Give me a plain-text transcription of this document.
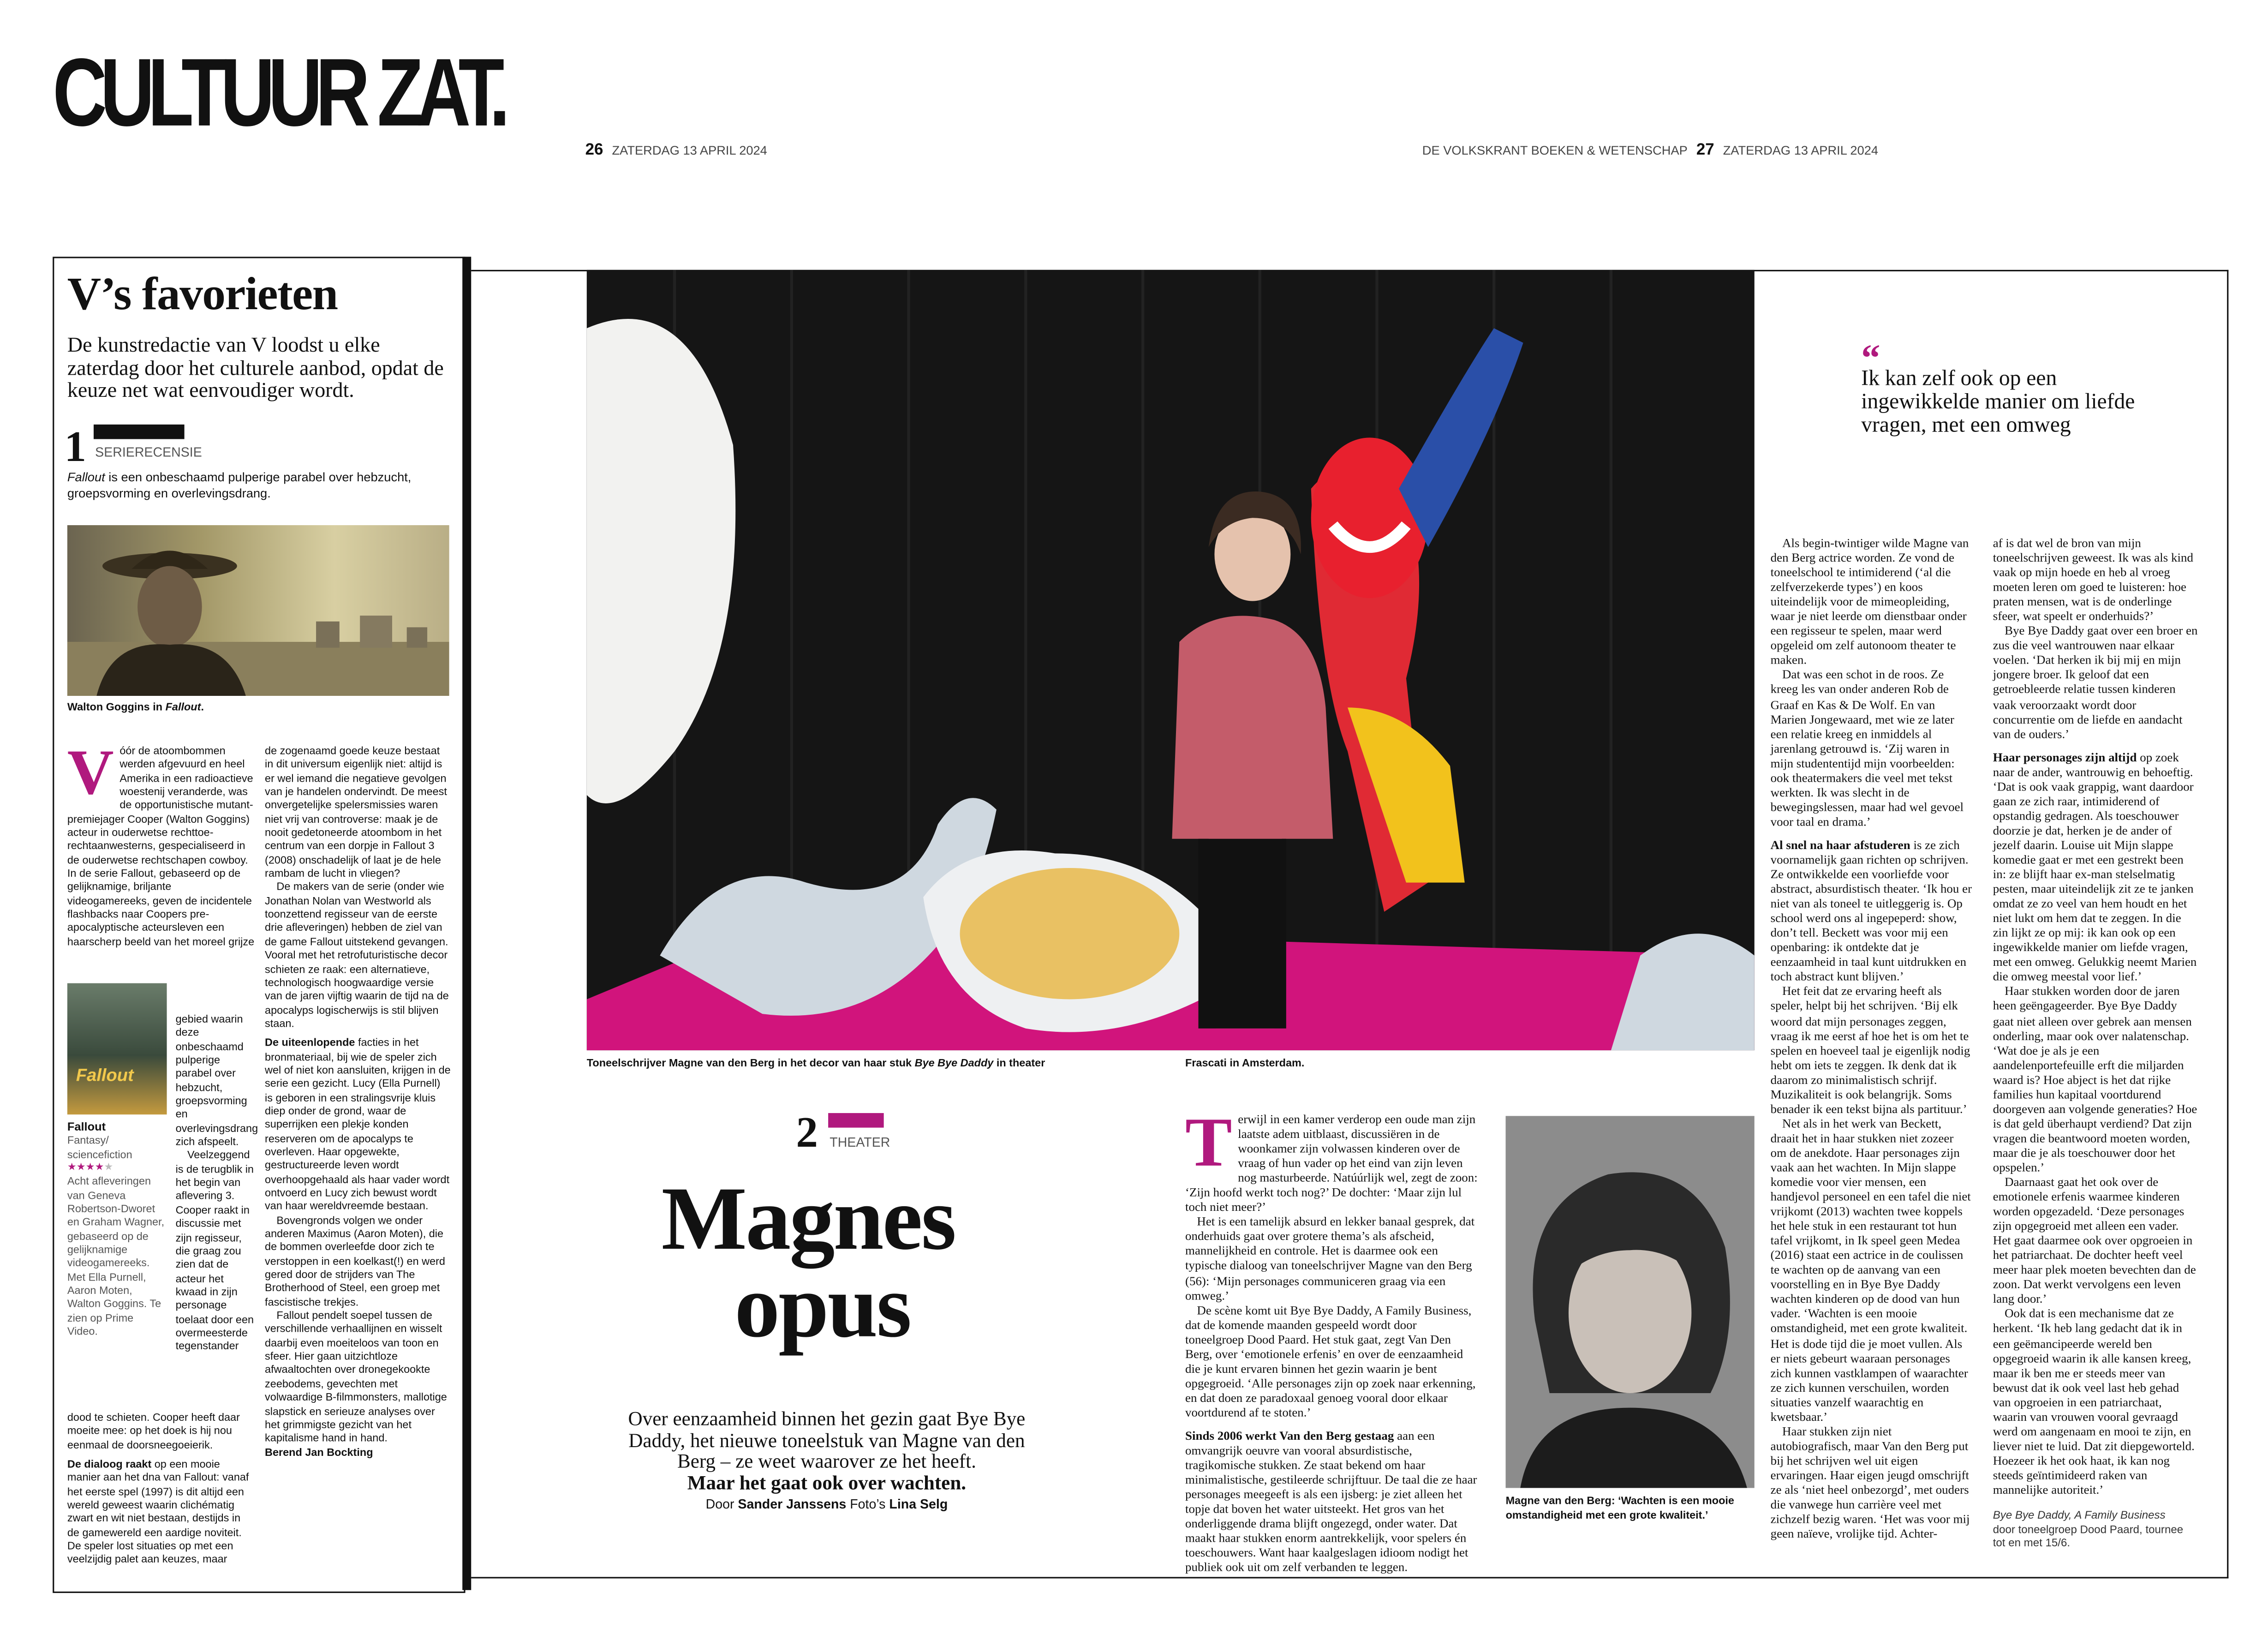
CULTUUR ZAT.
26 ZATERDAG 13 APRIL 2024	DE VOLKSKRANT BOEKEN & WETENSCHAP 27 ZATERDAG 13 APRIL 2024
V’s favorieten
De kunstredactie van V loodst u elke zaterdag door het culturele aanbod, opdat de keuze net wat eenvoudiger wordt.
1 SERIERECENSIE
Fallout is een onbeschaamd pulperige parabel over hebzucht, groepsvorming en overlevingsdrang.
Walton Goggins in Fallout.
V	óór de atoombommen werden afgevuurd en heel Amerika in een radioactieve woestenij veranderde, was de opportunistische mutant-premiejager Cooper (Walton Goggins) acteur in ouderwetse rechttoe-rechtaanwesterns, gespecialiseerd in de ouderwetse rechtschapen cowboy. In de serie Fallout, gebaseerd op de gelijknamige, briljante videogamereeks, geven de incidentele flashbacks naar Coopers pre-apocalyptische acteursleven een haarscherp beeld van het moreel grijze

Fallout

gebied waarin deze onbeschaamd pulperige parabel over hebzucht, groepsvorming en overlevingsdrang zich afspeelt.

Veelzeggend is de terugblik in het begin van aflevering 3. Cooper raakt in discussie met zijn regisseur, die graag zou zien dat de acteur het kwaad in zijn personage toelaat door een overmeesterde tegenstander

Fallout

Fantasy/ sciencefiction

★★★★★

Acht afleveringen van Geneva Robertson-Dworet en Graham Wagner, gebaseerd op de gelijknamige videogamereeks. Met Ella Purnell, Aaron Moten, Walton Goggins. Te zien op Prime Video.

dood te schieten. Cooper heeft daar moeite mee: op het doek is hij nou eenmaal de doorsneegoeierik.

De dialoog raakt op een mooie manier aan het dna van Fallout: vanaf het eerste spel (1997) is dit altijd een wereld geweest waarin clichématig zwart en wit niet bestaan, destijds in de gamewereld een aardige noviteit. De speler lost situaties op met een veelzijdig palet aan keuzes, maar

de zogenaamd goede keuze bestaat in dit universum eigenlijk niet: altijd is er wel iemand die negatieve gevolgen van je handelen ondervindt. De meest onvergetelijke spelersmissies waren niet vrij van controverse: maak je de nooit gedetoneerde atoombom in het centrum van een dorpje in Fallout 3 (2008) onschadelijk of laat je de hele rambam de lucht in vliegen?

De makers van de serie (onder wie Jonathan Nolan van Westworld als toonzettend regisseur van de eerste drie afleveringen) hebben de ziel van de game Fallout uitstekend gevangen. Vooral met het retrofuturistische decor schieten ze raak: een alternatieve, technologisch hoogwaardige versie van de jaren vijftig waarin de tijd na de apocalyps logischerwijs is stil blijven staan.

De uiteenlopende facties in het bronmateriaal, bij wie de speler zich wel of niet kon aansluiten, krijgen in de serie een gezicht. Lucy (Ella Purnell) is geboren in een stralingsvrije kluis diep onder de grond, waar de superrijken een plekje konden reserveren om de apocalyps te overleven. Haar opgewekte, gestructureerde leven wordt overhoopgehaald als haar vader wordt ontvoerd en Lucy zich bewust wordt van haar wereldvreemde bestaan.

Bovengronds volgen we onder anderen Maximus (Aaron Moten), die de bommen overleefde door zich te verstoppen in een koelkast(!) en werd gered door de strijders van The Brotherhood of Steel, een groep met fascistische trekjes.

Fallout pendelt soepel tussen de verschillende verhaallijnen en wisselt daarbij even moeiteloos van toon en sfeer. Hier gaan uitzichtloze afwaaltochten over dronegekookte zeebodems, gevechten met volwaardige B-filmmonsters, mallotige slapstick en serieuze analyses over het grimmigste gezicht van het kapitalisme hand in hand.

Berend Jan Bockting

Toneelschrijver Magne van den Berg in het decor van haar stuk Bye Bye Daddy in theater	Frascati in Amsterdam.
“
Ik kan zelf ook op een ingewikkelde manier om liefde vragen, met een omweg
2	THEATER
Magnes
opus
Over eenzaamheid binnen het gezin gaat Bye Bye Daddy, het nieuwe toneelstuk van Magne van den Berg – ze weet waarover ze het heeft.
Maar het gaat ook over wachten.
Door Sander Janssens Foto’s Lina Selg
T	erwijl in een kamer verderop een oude man zijn laatste adem uitblaast, discussiëren in de woonkamer zijn volwassen kinderen over de vraag of hun vader op het eind van zijn leven nog masturbeerde. Natúúrlijk wel, zegt de zoon: ‘Zijn hoofd werkt toch nog?’ De dochter: ‘Maar zijn lul toch niet meer?’

Het is een tamelijk absurd en lekker banaal gesprek, dat onderhuids gaat over grotere thema’s als afscheid, mannelijkheid en controle. Het is daarmee ook een typische dialoog van toneelschrijver Magne van den Berg (56): ‘Mijn personages communiceren graag via een omweg.’

De scène komt uit Bye Bye Daddy, A Family Business, dat de komende maanden gespeeld wordt door toneelgroep Dood Paard. Het stuk gaat, zegt Van Den Berg, over ‘emotionele erfenis’ en over de eenzaamheid die je kunt ervaren binnen het gezin waarin je bent opgegroeid. ‘Alle personages zijn op zoek naar erkenning, en dat doen ze paradoxaal genoeg vooral door elkaar voortdurend af te stoten.’

Sinds 2006 werkt Van den Berg gestaag aan een omvangrijk oeuvre van vooral absurdistische, tragikomische stukken. Ze staat bekend om haar minimalistische, gestileerde schrijftuur. De taal die ze haar personages meegeeft is als een ijsberg: je ziet alleen het topje dat boven het water uitsteekt. Het gros van het onderliggende drama blijft ongezegd, onder water. Dat maakt haar stukken enorm aantrekkelijk, voor spelers én toeschouwers. Want haar kaalgeslagen idioom nodigt het publiek ook uit om zelf verbanden te leggen.

Magne van den Berg: ‘Wachten is een mooie omstandigheid met een grote kwaliteit.’

Als begin-twintiger wilde Magne van den Berg actrice worden. Ze vond de toneelschool te intimiderend (‘al die zelfverzekerde types’) en koos uiteindelijk voor de mimeopleiding, waar je niet leerde om dienstbaar onder een regisseur te spelen, maar werd opgeleid om zelf autonoom theater te maken.

Dat was een schot in de roos. Ze kreeg les van onder anderen Rob de Graaf en Kas & De Wolf. En van Marien Jongewaard, met wie ze later een relatie kreeg en inmiddels al jarenlang getrouwd is. ‘Zij waren in mijn studententijd mijn voorbeelden: ook theatermakers die veel met tekst werkten. Ik was slecht in de bewegingslessen, maar had wel gevoel voor taal en drama.’

Al snel na haar afstuderen is ze zich voornamelijk gaan richten op schrijven. Ze ontwikkelde een voorliefde voor abstract, absurdistisch theater. ‘Ik hou er niet van als toneel te uitleggerig is. Op school werd ons al ingepeperd: show, don’t tell. Beckett was voor mij een openbaring: ik ontdekte dat je eenzaamheid in taal kunt uitdrukken en toch abstract kunt blijven.’

Het feit dat ze ervaring heeft als speler, helpt bij het schrijven. ‘Bij elk woord dat mijn personages zeggen, vraag ik me eerst af hoe het is om het te spelen en hoeveel taal je eigenlijk nodig hebt om iets te zeggen. Ik denk dat ik daarom zo minimalistisch schrijf. Muzikaliteit is ook belangrijk. Soms benader ik een tekst bijna als partituur.’

Net als in het werk van Beckett, draait het in haar stukken niet zozeer om de anekdote. Haar personages zijn vaak aan het wachten. In Mijn slappe komedie voor vier mensen, een handjevol personeel en een tafel die niet vrijkomt (2013) wachten twee koppels het hele stuk in een restaurant tot hun tafel vrijkomt, in Ik speel geen Medea (2016) staat een actrice in de coulissen te wachten op de aanvang van een voorstelling en in Bye Bye Daddy wachten kinderen op de dood van hun vader. ‘Wachten is een mooie omstandigheid, met een grote kwaliteit. Het is dode tijd die je moet vullen. Als er niets gebeurt waaraan personages zich kunnen vastklampen of waarachter ze zich kunnen verschuilen, worden situaties vanzelf waarachtig en kwetsbaar.’

Haar stukken zijn niet autobiografisch, maar Van den Berg put bij het schrijven wel uit eigen ervaringen. Haar eigen jeugd omschrijft ze als ‘niet heel onbezorgd’, met ouders die vanwege hun carrière veel met zichzelf bezig waren. ‘Het was voor mij geen naïeve, vrolijke tijd. Achter-

af is dat wel de bron van mijn toneelschrijven geweest. Ik was als kind vaak op mijn hoede en heb al vroeg moeten leren om goed te luisteren: hoe praten mensen, wat is de onderlinge sfeer, wat speelt er onderhuids?’

Bye Bye Daddy gaat over een broer en zus die veel wantrouwen naar elkaar voelen. ‘Dat herken ik bij mij en mijn jongere broer. Ik geloof dat een getroebleerde relatie tussen kinderen vaak veroorzaakt wordt door concurrentie om de liefde en aandacht van de ouders.’

Haar personages zijn altijd op zoek naar de ander, wantrouwig en behoeftig. ‘Dat is ook vaak grappig, want daardoor gaan ze zich raar, intimiderend of opstandig gedragen. Als toeschouwer doorzie je dat, herken je de ander of jezelf daarin. Louise uit Mijn slappe komedie gaat er met een gestrekt been in: ze blijft haar ex-man stelselmatig pesten, maar uiteindelijk zit ze te janken omdat ze zo veel van hem houdt en het niet lukt om hem dat te zeggen. In die zin lijkt ze op mij: ik kan ook op een ingewikkelde manier om liefde vragen, met een omweg. Gelukkig neemt Marien die omweg meestal voor lief.’

Haar stukken worden door de jaren heen geëngageerder. Bye Bye Daddy gaat niet alleen over gebrek aan mensen onderling, maar ook over nalatenschap. ‘Wat doe je als je een aandelenportefeuille erft die miljarden waard is? Hoe abject is het dat rijke families hun kapitaal voortdurend doorgeven aan volgende generaties? Hoe is dat geld überhaupt verdiend? Dat zijn vragen die beantwoord moeten worden, maar die je als toeschouwer door het opspelen.’

Daarnaast gaat het ook over de emotionele erfenis waarmee kinderen worden opgezadeld. ‘Deze personages zijn opgegroeid met alleen een vader. Het gaat daarmee ook over opgroeien in het patriarchaat. De dochter heeft veel meer haar plek moeten bevechten dan de zoon. Dat werkt vervolgens een leven lang door.’

Ook dat is een mechanisme dat ze herkent. ‘Ik heb lang gedacht dat ik in een geëmancipeerde wereld ben opgegroeid waarin ik alle kansen kreeg, maar ik ben me er steeds meer van bewust dat ik ook veel last heb gehad van opgroeien in een patriarchaat, waarin van vrouwen vooral gevraagd werd om aangenaam en mooi te zijn, en liever niet te luid. Dat zit diepgeworteld. Hoezeer ik het ook haat, ik kan nog steeds geïntimideerd raken van mannelijke autoriteit.’

Bye Bye Daddy, A Family Business
door toneelgroep Dood Paard, tournee tot en met 15/6.
